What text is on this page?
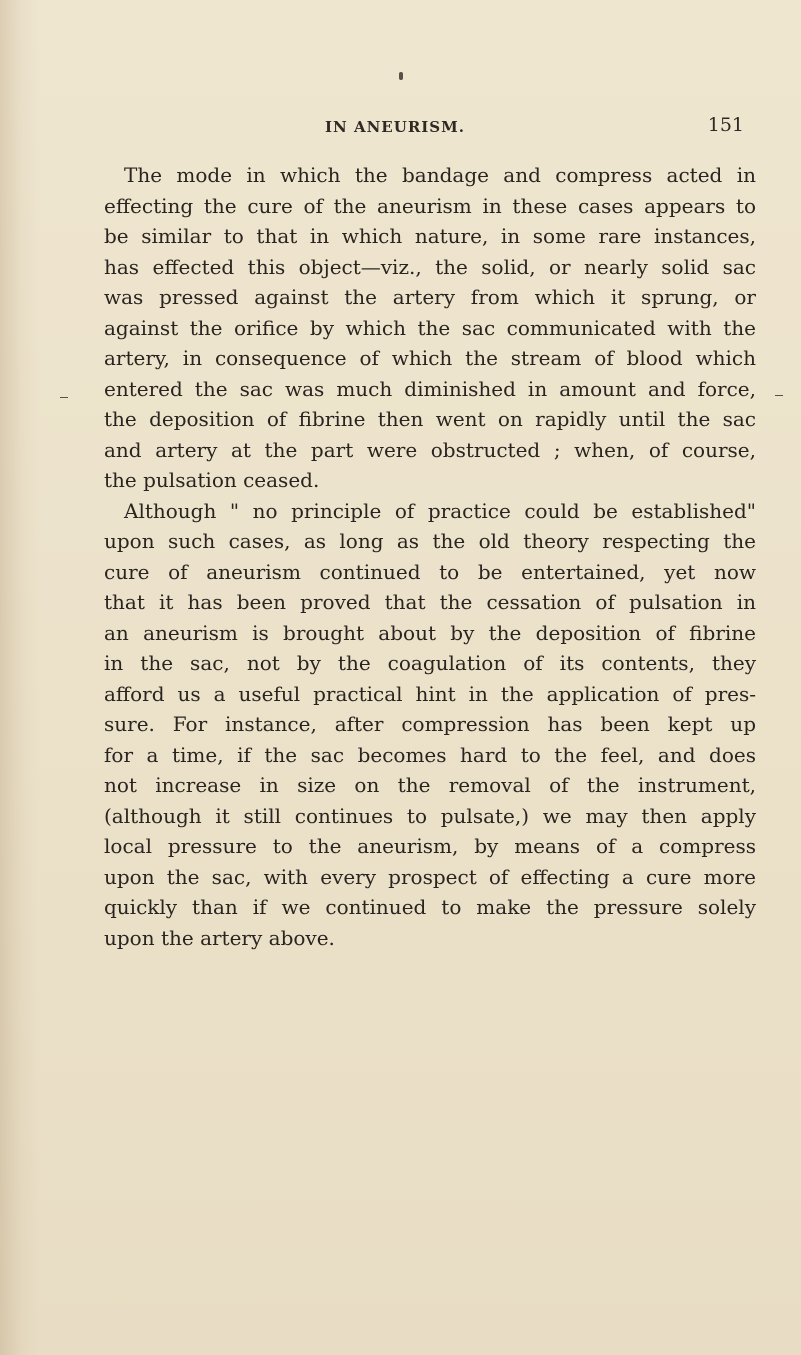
IN ANEURISM.	151
The mode in which the bandage and compress acted in
effecting the cure of the aneurism in these cases appears to
be similar to that in which nature, in some rare instances,
has effected this object—viz., the solid, or nearly solid sac
was pressed against the artery from which it sprung, or
against the orifice by which the sac communicated with the
artery, in consequence of which the stream of blood which
entered the sac was much diminished in amount and force,
the deposition of fibrine then went on rapidly until the sac
and artery at the part were obstructed ; when, of course,
the pulsation ceased.
Although " no principle of practice could be established"
upon such cases, as long as the old theory respecting the
cure of aneurism continued to be entertained, yet now
that it has been proved that the cessation of pulsation in
an aneurism is brought about by the deposition of fibrine
in the sac, not by the coagulation of its contents, they
afford us a useful practical hint in the application of pres-
sure. For instance, after compression has been kept up
for a time, if the sac becomes hard to the feel, and does
not increase in size on the removal of the instrument,
(although it still continues to pulsate,) we may then apply
local pressure to the aneurism, by means of a compress
upon the sac, with every prospect of effecting a cure more
quickly than if we continued to make the pressure solely
upon the artery above.
